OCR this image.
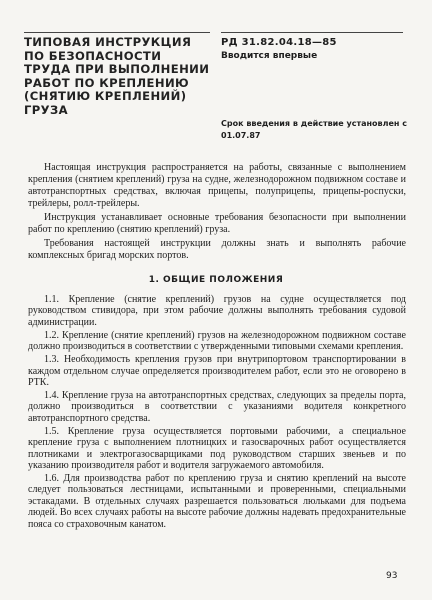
ТИПОВАЯ ИНСТРУКЦИЯ ПО БЕЗОПАСНОСТИ ТРУДА ПРИ ВЫПОЛНЕНИИ РАБОТ ПО КРЕПЛЕНИЮ (СНЯТИЮ КРЕПЛЕНИЙ) ГРУЗА
РД 31.82.04.18—85
Вводится впервые
Срок введения в действие установлен с 01.07.87

Настоящая инструкция распространяется на работы, связанные с выполнением крепления (снятием креплений) груза на судне, железнодорожном подвижном составе и автотранспортных средствах, включая прицепы, полуприцепы, прицепы-роспуски, трейлеры, ролл-трейлеры.

Инструкция устанавливает основные требования безопасности при выполнении работ по креплению (снятию креплений) груза.

Требования настоящей инструкции должны знать и выполнять рабочие комплексных бригад морских портов.

1. ОБЩИЕ ПОЛОЖЕНИЯ

1.1. Крепление (снятие креплений) грузов на судне осуществляется под руководством стивидора, при этом рабочие должны выполнять требования судовой администрации.

1.2. Крепление (снятие креплений) грузов на железнодорожном подвижном составе должно производиться в соответствии с утвержденными типовыми схемами крепления.

1.3. Необходимость крепления грузов при внутрипортовом транспортировании в каждом отдельном случае определяется производителем работ, если это не оговорено в РТК.

1.4. Крепление груза на автотранспортных средствах, следующих за пределы порта, должно производиться в соответствии с указаниями водителя конкретного автотранспортного средства.

1.5. Крепление груза осуществляется портовыми рабочими, а специальное крепление груза с выполнением плотницких и газосварочных работ осуществляется плотниками и электрогазосварщиками под руководством старших звеньев и по указанию производителя работ и водителя загружаемого автомобиля.

1.6. Для производства работ по креплению груза и снятию креплений на высоте следует пользоваться лестницами, испытанными и проверенными, специальными эстакадами. В отдельных случаях разрешается пользоваться люльками для подъема людей. Во всех случаях работы на высоте рабочие должны надевать предохранительные пояса со страховочным канатом.

93
